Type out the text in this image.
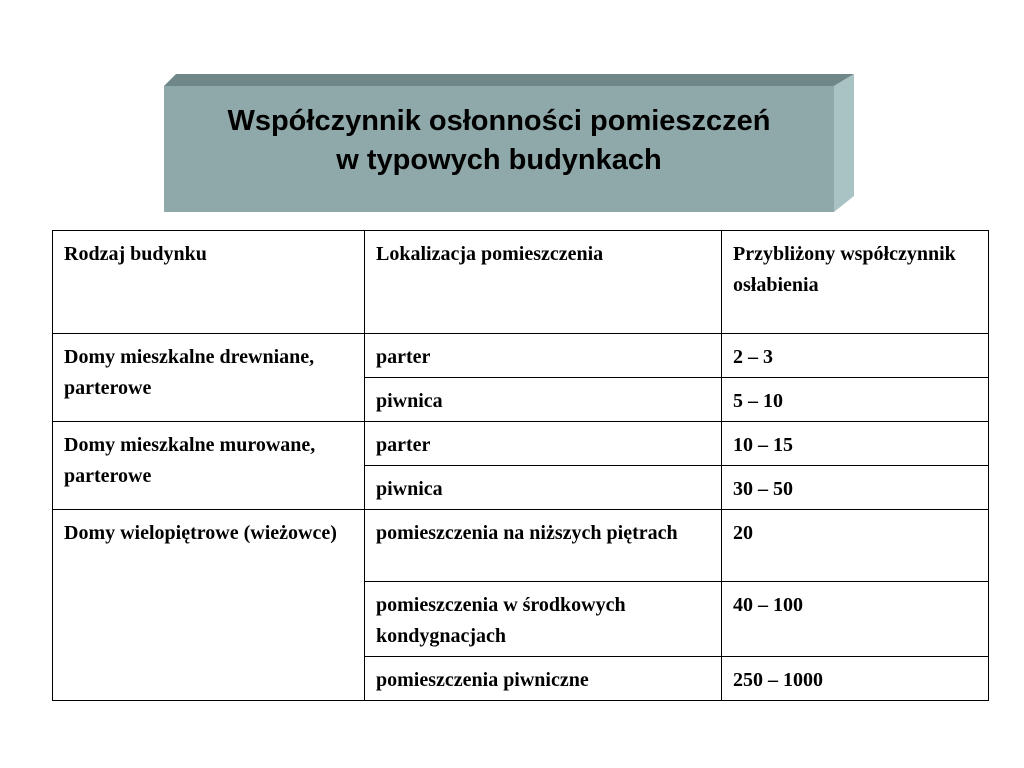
Współczynnik osłonności pomieszczeń
w typowych budynkach
Rodzaj budynku	Lokalizacja pomieszczenia	Przybliżony współczynnik osłabienia
Domy mieszkalne drewniane, parterowe	parter	2 – 3
	piwnica	5 – 10
Domy mieszkalne murowane, parterowe	parter	10 – 15
	piwnica	30 – 50
Domy wielopiętrowe (wieżowce)	pomieszczenia na niższych piętrach	20
	pomieszczenia w środkowych kondygnacjach	40 – 100
	pomieszczenia piwniczne	250 – 1000
